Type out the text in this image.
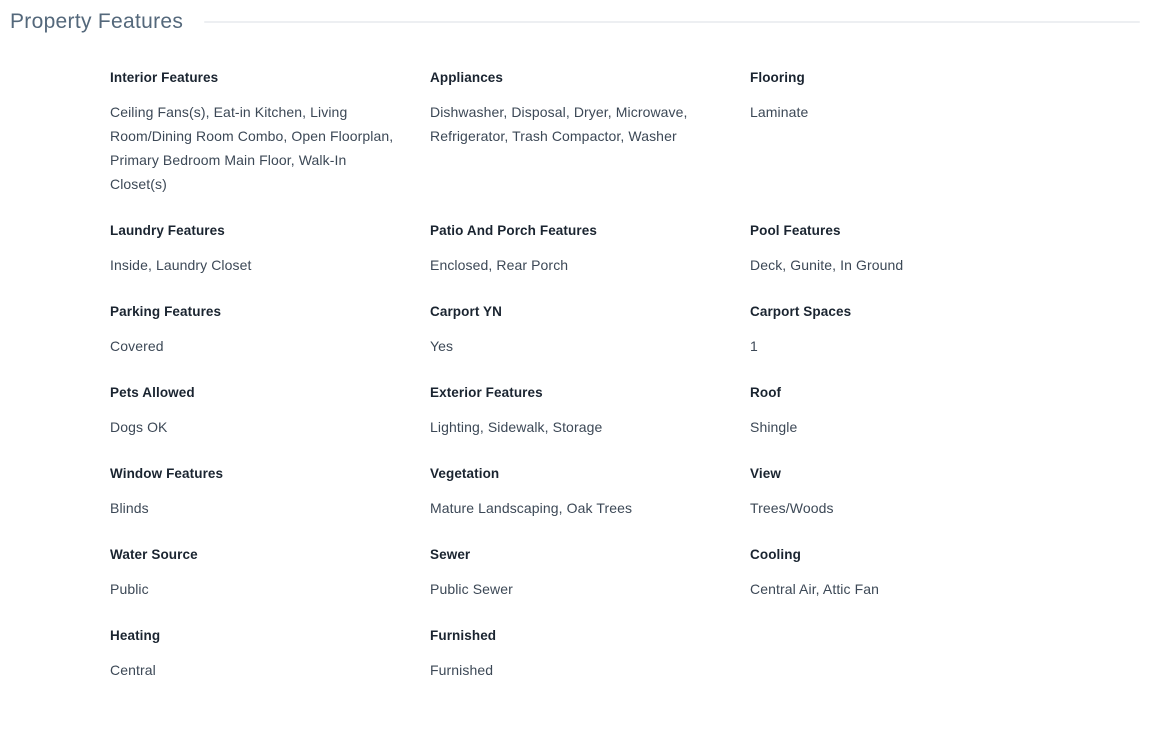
Property Features
Interior Features
Ceiling Fans(s), Eat-in Kitchen, Living Room/Dining Room Combo, Open Floorplan, Primary Bedroom Main Floor, Walk-In Closet(s)
Appliances
Dishwasher, Disposal, Dryer, Microwave, Refrigerator, Trash Compactor, Washer
Flooring
Laminate
Laundry Features
Inside, Laundry Closet
Patio And Porch Features
Enclosed, Rear Porch
Pool Features
Deck, Gunite, In Ground
Parking Features
Covered
Carport YN
Yes
Carport Spaces
1
Pets Allowed
Dogs OK
Exterior Features
Lighting, Sidewalk, Storage
Roof
Shingle
Window Features
Blinds
Vegetation
Mature Landscaping, Oak Trees
View
Trees/Woods
Water Source
Public
Sewer
Public Sewer
Cooling
Central Air, Attic Fan
Heating
Central
Furnished
Furnished
